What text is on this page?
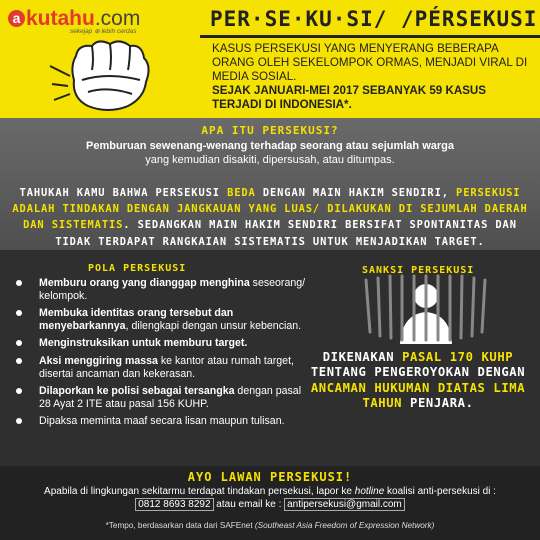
a kutahu.com
sekejap ⊕ lebih cerdas
PER·SE·KU·SI/ /PÉRSEKUSI
KASUS PERSEKUSI YANG MENYERANG BEBERAPA ORANG OLEH SEKELOMPOK ORMAS, MENJADI VIRAL DI MEDIA SOSIAL.
SEJAK JANUARI-MEI 2017 SEBANYAK 59 KASUS TERJADI DI INDONESIA*.
APA ITU PERSEKUSI?
Pemburuan sewenang-wenang terhadap seorang atau sejumlah warga
yang kemudian disakiti, dipersusah, atau ditumpas.
TAHUKAH KAMU BAHWA PERSEKUSI BEDA DENGAN MAIN HAKIM SENDIRI, PERSEKUSI ADALAH TINDAKAN DENGAN JANGKAUAN YANG LUAS/ DILAKUKAN DI SEJUMLAH DAERAH DAN SISTEMATIS. SEDANGKAN MAIN HAKIM SENDIRI BERSIFAT SPONTANITAS DAN TIDAK TERDAPAT RANGKAIAN SISTEMATIS UNTUK MENJADIKAN TARGET.
POLA PERSEKUSI
Memburu orang yang dianggap menghina seseorang/ kelompok.
Membuka identitas orang tersebut dan menyebarkannya, dilengkapi dengan unsur kebencian.
Menginstruksikan untuk memburu target.
Aksi menggiring massa ke kantor atau rumah target, disertai ancaman dan kekerasan.
Dilaporkan ke polisi sebagai tersangka dengan pasal 28 Ayat 2 ITE atau pasal 156 KUHP.
Dipaksa meminta maaf secara lisan maupun tulisan.
SANKSI PERSEKUSI
DIKENAKAN PASAL 170 KUHP TENTANG PENGEROYOKAN DENGAN ANCAMAN HUKUMAN DIATAS LIMA TAHUN PENJARA.
AYO LAWAN PERSEKUSI!
Apabila di lingkungan sekitarmu terdapat tindakan persekusi, lapor ke hotline koalisi anti-persekusi di :
0812 8693 8292 atau email ke : antipersekusi@gmail.com
*Tempo, berdasarkan data dari SAFEnet (Southeast Asia Freedom of Expression Network)
